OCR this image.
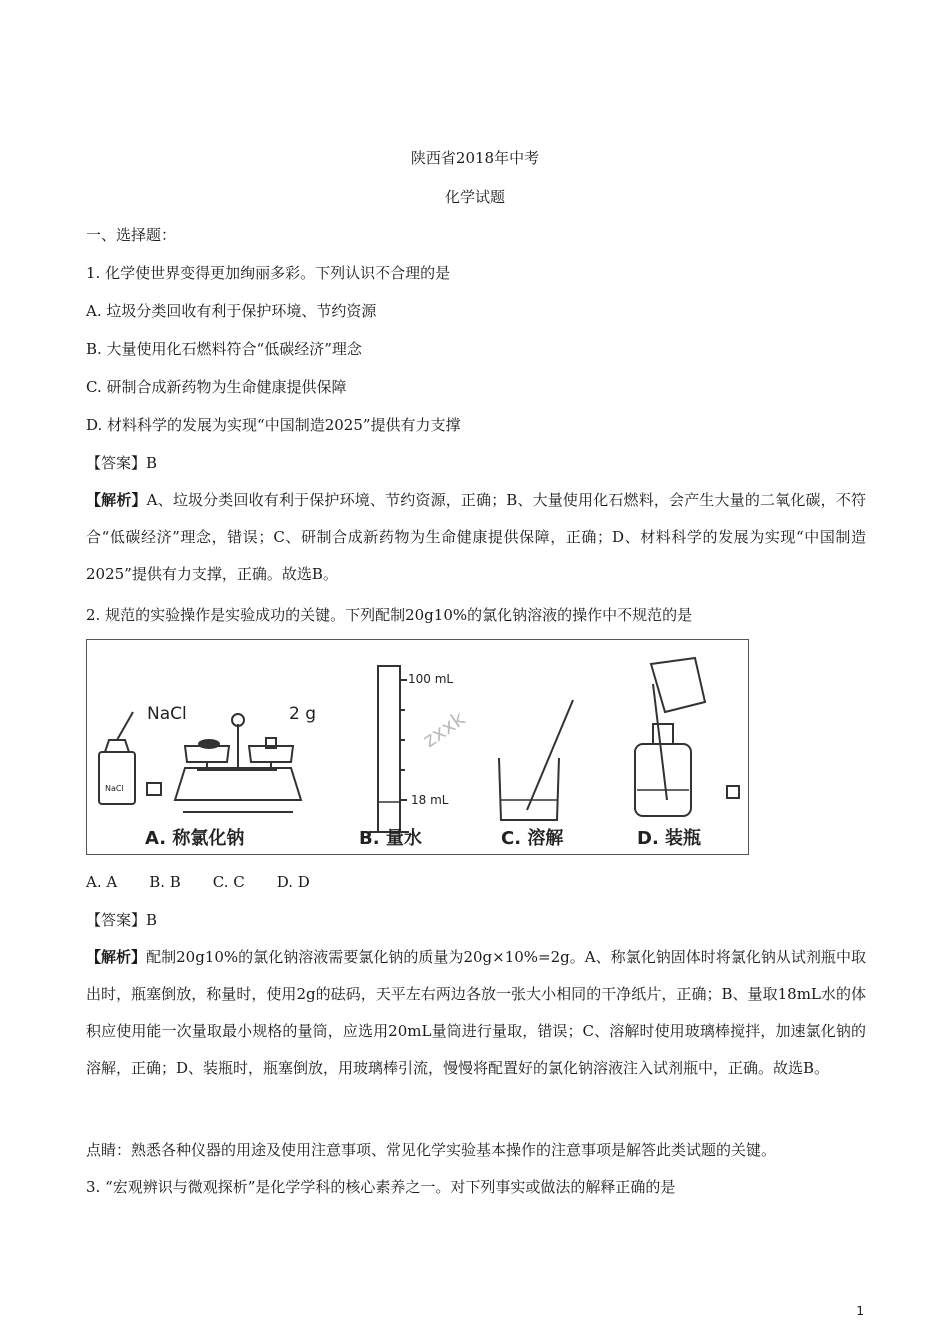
陕西省2018年中考
化学试题
一、选择题：
1. 化学使世界变得更加绚丽多彩。下列认识不合理的是
A. 垃圾分类回收有利于保护环境、节约资源
B. 大量使用化石燃料符合“低碳经济”理念
C. 研制合成新药物为生命健康提供保障
D. 材料科学的发展为实现“中国制造2025”提供有力支撑
【答案】B
【解析】A、垃圾分类回收有利于保护环境、节约资源，正确；B、大量使用化石燃料，会产生大量的二氧化碳，不符合“低碳经济”理念，错误；C、研制合成新药物为生命健康提供保障，正确；D、材料科学的发展为实现“中国制造2025”提供有力支撑，正确。故选B。
2. 规范的实验操作是实验成功的关键。下列配制20g10%的氯化钠溶液的操作中不规范的是
zxxk
NaCl	2 g
NaCl
100 mL
18 mL
A. 称氯化钠	B. 量水	C. 溶解	D. 装瓶
A. A B. B C. C D. D
【答案】B
【解析】配制20g10%的氯化钠溶液需要氯化钠的质量为20g×10%=2g。A、称氯化钠固体时将氯化钠从试剂瓶中取出时，瓶塞倒放，称量时，使用2g的砝码，天平左右两边各放一张大小相同的干净纸片，正确；B、量取18mL水的体积应使用能一次量取最小规格的量筒，应选用20mL量筒进行量取，错误；C、溶解时使用玻璃棒搅拌，加速氯化钠的溶解，正确；D、装瓶时，瓶塞倒放，用玻璃棒引流，慢慢将配置好的氯化钠溶液注入试剂瓶中，正确。故选B。
点睛：熟悉各种仪器的用途及使用注意事项、常见化学实验基本操作的注意事项是解答此类试题的关键。
3. “宏观辨识与微观探析”是化学学科的核心素养之一。对下列事实或做法的解释正确的是
1
